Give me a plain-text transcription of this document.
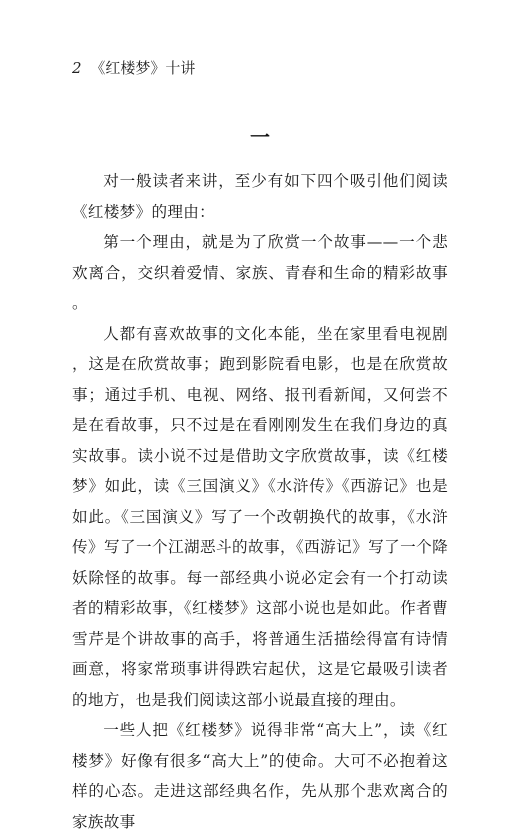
2 《红楼梦》十讲
一

对一般读者来讲，至少有如下四个吸引他们阅读《红楼梦》的理由：

第一个理由，就是为了欣赏一个故事——一个悲欢离合，交织着爱情、家族、青春和生命的精彩故事。

人都有喜欢故事的文化本能，坐在家里看电视剧，这是在欣赏故事；跑到影院看电影，也是在欣赏故事；通过手机、电视、网络、报刊看新闻，又何尝不是在看故事，只不过是在看刚刚发生在我们身边的真实故事。读小说不过是借助文字欣赏故事，读《红楼梦》如此，读《三国演义》《水浒传》《西游记》也是如此。《三国演义》写了一个改朝换代的故事，《水浒传》写了一个江湖恶斗的故事，《西游记》写了一个降妖除怪的故事。每一部经典小说必定会有一个打动读者的精彩故事，《红楼梦》这部小说也是如此。作者曹雪芹是个讲故事的高手，将普通生活描绘得富有诗情画意，将家常琐事讲得跌宕起伏，这是它最吸引读者的地方，也是我们阅读这部小说最直接的理由。

一些人把《红楼梦》说得非常“高大上”，读《红楼梦》好像有很多“高大上”的使命。大可不必抱着这样的心态。走进这部经典名作，先从那个悲欢离合的家族故事
